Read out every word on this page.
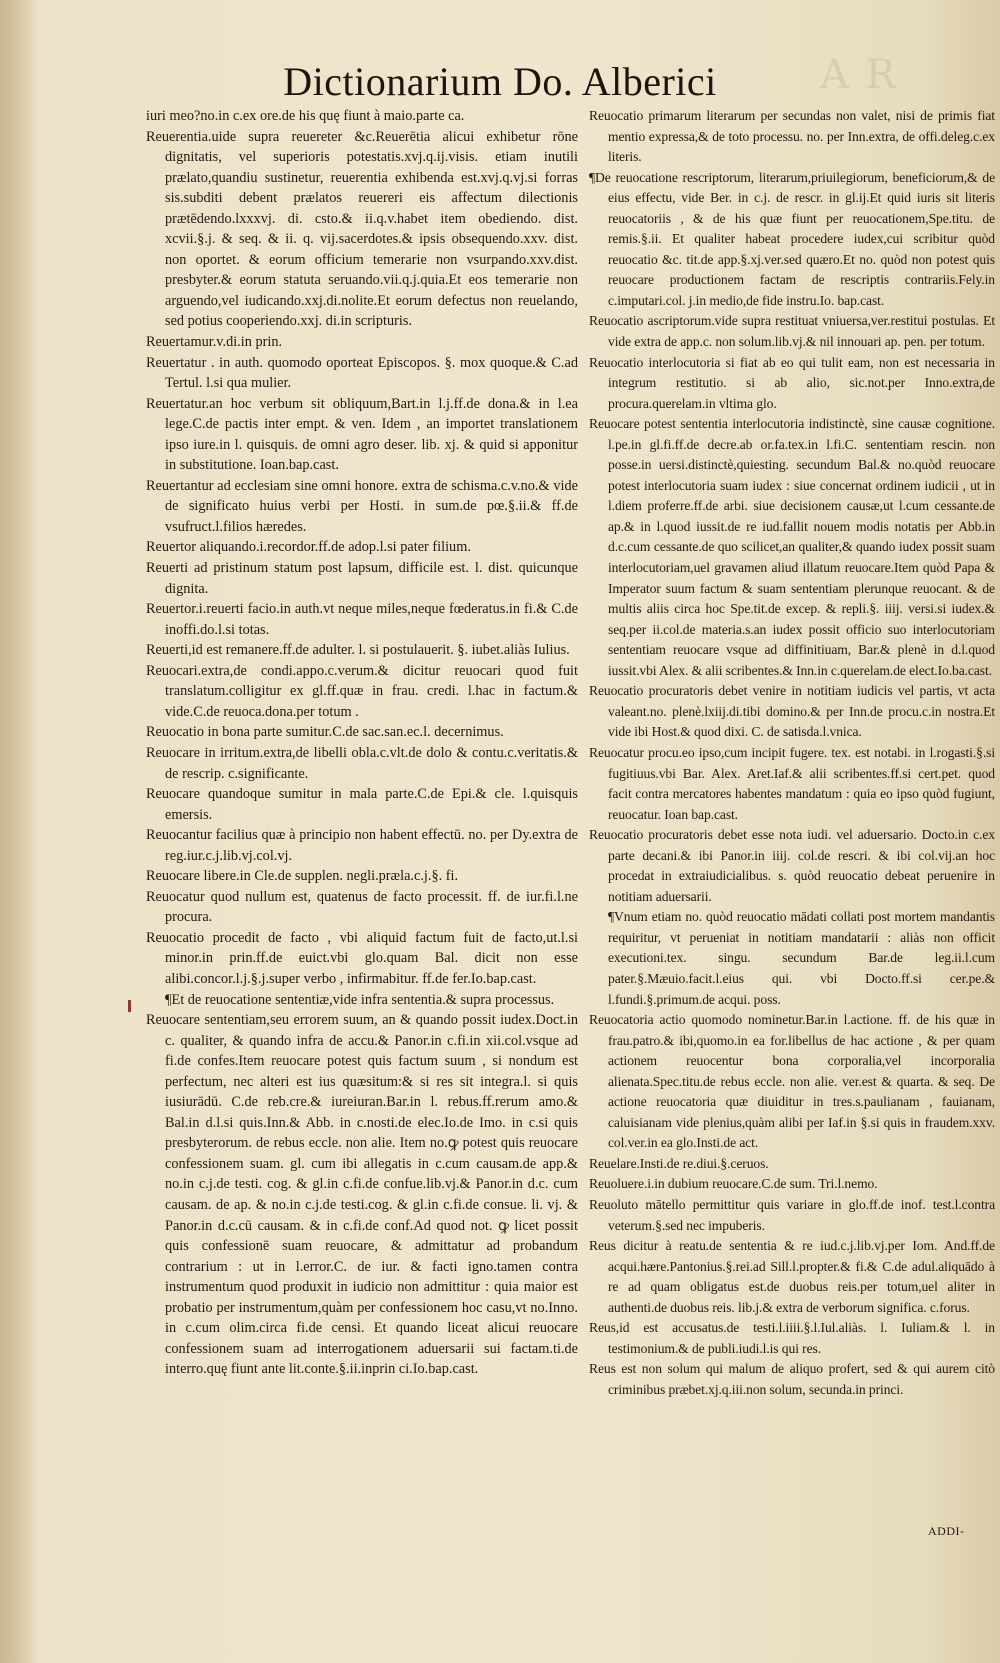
A R
Dictionarium Do. Alberici

iuri meo?no.in c.ex ore.de his quę fiunt à maio.parte ca.

Reuerentia.uide supra reuereter &c.Reuerētia alicui exhibetur rōne dignitatis, vel superioris potestatis.xvj.q.ij.visis. etiam inutili prælato,quandiu sustinetur, reuerentia exhibenda est.xvj.q.vj.si forras sis.subditi debent prælatos reuereri eis affectum dilectionis prætēdendo.lxxxvj. di. csto.& ii.q.v.habet item obediendo. dist. xcvii.§.j. & seq. & ii. q. vij.sacerdotes.& ipsis obsequendo.xxv. dist. non oportet. & eorum officium temerarie non vsurpando.xxv.dist. presbyter.& eorum statuta seruando.vii.q.j.quia.Et eos temerarie non arguendo,vel iudicando.xxj.di.nolite.Et eorum defectus non reuelando, sed potius cooperiendo.xxj. di.in scripturis.

Reuertamur.v.di.in prin.

Reuertatur . in auth. quomodo oporteat Episcopos. §. mox quoque.& C.ad Tertul. l.si qua mulier.

Reuertatur.an hoc verbum sit obliquum,Bart.in l.j.ff.de dona.& in l.ea lege.C.de pactis inter empt. & ven. Idem , an importet translationem ipso iure.in l. quisquis. de omni agro deser. lib. xj. & quid si apponitur in substitutione. Ioan.bap.cast.

Reuertantur ad ecclesiam sine omni honore. extra de schisma.c.v.no.& vide de significato huius verbi per Hosti. in sum.de pœ.§.ii.& ff.de vsufruct.l.filios hæredes.

Reuertor aliquando.i.recordor.ff.de adop.l.si pater filium.

Reuerti ad pristinum statum post lapsum, difficile est. l. dist. quicunque dignita.

Reuertor.i.reuerti facio.in auth.vt neque miles,neque fœderatus.in fi.& C.de inoffi.do.l.si totas.

Reuerti,id est remanere.ff.de adulter. l. si postulauerit. §. iubet.aliàs Iulius.

Reuocari.extra,de condi.appo.c.verum.& dicitur reuocari quod fuit translatum.colligitur ex gl.ff.quæ in frau. credi. l.hac in factum.& vide.C.de reuoca.dona.per totum .

Reuocatio in bona parte sumitur.C.de sac.san.ec.l. decernimus.

Reuocare in irritum.extra,de libelli obla.c.vlt.de dolo & contu.c.veritatis.& de rescrip. c.significante.

Reuocare quandoque sumitur in mala parte.C.de Epi.& cle. l.quisquis emersis.

Reuocantur facilius quæ à principio non habent effectū. no. per Dy.extra de reg.iur.c.j.lib.vj.col.vj.

Reuocare libere.in Cle.de supplen. negli.præla.c.j.§. fi.

Reuocatur quod nullum est, quatenus de facto processit. ff. de iur.fi.l.ne procura.

Reuocatio procedit de facto , vbi aliquid factum fuit de facto,ut.l.si minor.in prin.ff.de euict.vbi glo.quam Bal. dicit non esse alibi.concor.l.j.§.j.super verbo , infirmabitur. ff.de fer.Io.bap.cast.

¶Et de reuocatione sententiæ,vide infra sententia.& supra processus.

Reuocare sententiam,seu errorem suum, an & quando possit iudex.Doct.in c. qualiter, & quando infra de accu.& Panor.in c.fi.in xii.col.vsque ad fi.de confes.Item reuocare potest quis factum suum , si nondum est perfectum, nec alteri est ius quæsitum:& si res sit integra.l. si quis iusiurādū. C.de reb.cre.& iureiuran.Bar.in l. rebus.ff.rerum amo.& Bal.in d.l.si quis.Inn.& Abb. in c.nosti.de elec.Io.de Imo. in c.si quis presbyterorum. de rebus eccle. non alie. Item no.ꝙ potest quis reuocare confessionem suam. gl. cum ibi allegatis in c.cum causam.de app.& no.in c.j.de testi. cog. & gl.in c.fi.de confue.lib.vj.& Panor.in d.c. cum causam. de ap. & no.in c.j.de testi.cog. & gl.in c.fi.de consue. li. vj. & Panor.in d.c.cū causam. & in c.fi.de conf.Ad quod not. ꝙ licet possit quis confessionē suam reuocare, & admittatur ad probandum contrarium : ut in l.error.C. de iur. & facti igno.tamen contra instrumentum quod produxit in iudicio non admittitur : quia maior est probatio per instrumentum,quàm per confessionem hoc casu,vt no.Inno. in c.cum olim.circa fi.de censi. Et quando liceat alicui reuocare confessionem suam ad interrogationem aduersarii sui factam.ti.de interro.quę fiunt ante lit.conte.§.ii.inprin ci.Io.bap.cast.

Reuocatio primarum literarum per secundas non valet, nisi de primis fiat mentio expressa,& de toto processu. no. per Inn.extra, de offi.deleg.c.ex literis.

¶De reuocatione rescriptorum, literarum,priuilegiorum, beneficiorum,& de eius effectu, vide Ber. in c.j. de rescr. in gl.ij.Et quid iuris sit literis reuocatoriis , & de his quæ fiunt per reuocationem,Spe.titu. de remis.§.ii. Et qualiter habeat procedere iudex,cui scribitur quòd reuocatio &c. tit.de app.§.xj.ver.sed quæro.Et no. quòd non potest quis reuocare productionem factam de rescriptis contrariis.Fely.in c.imputari.col. j.in medio,de fide instru.Io. bap.cast.

Reuocatio ascriptorum.vide supra restituat vniuersa,ver.restitui postulas. Et vide extra de app.c. non solum.lib.vj.& nil innouari ap. pen. per totum.

Reuocatio interlocutoria si fiat ab eo qui tulit eam, non est necessaria in integrum restitutio. si ab alio, sic.not.per Inno.extra,de procura.querelam.in vltima glo.

Reuocare potest sententia interlocutoria indistinctè, sine causæ cognitione. l.pe.in gl.fi.ff.de decre.ab or.fa.tex.in l.fi.C. sententiam rescin. non posse.in uersi.distinctè,quiesting. secundum Bal.& no.quòd reuocare potest interlocutoria suam iudex : siue concernat ordinem iudicii , ut in l.diem proferre.ff.de arbi. siue decisionem causæ,ut l.cum cessante.de ap.& in l.quod iussit.de re iud.fallit nouem modis notatis per Abb.in d.c.cum cessante.de quo scilicet,an qualiter,& quando iudex possit suam interlocutoriam,uel gravamen aliud illatum reuocare.Item quòd Papa & Imperator suum factum & suam sententiam plerunque reuocant. & de multis aliis circa hoc Spe.tit.de excep. & repli.§. iiij. versi.si iudex.& seq.per ii.col.de materia.s.an iudex possit officio suo interlocutoriam sententiam reuocare vsque ad diffinitiuam, Bar.& plenè in d.l.quod iussit.vbi Alex. & alii scribentes.& Inn.in c.querelam.de elect.Io.ba.cast.

Reuocatio procuratoris debet venire in notitiam iudicis vel partis, vt acta valeant.no. plenè.lxiij.di.tibi domino.& per Inn.de procu.c.in nostra.Et vide ibi Host.& quod dixi. C. de satisda.l.vnica.

Reuocatur procu.eo ipso,cum incipit fugere. tex. est notabi. in l.rogasti.§.si fugitiuus.vbi Bar. Alex. Aret.Iaf.& alii scribentes.ff.si cert.pet. quod facit contra mercatores habentes mandatum : quia eo ipso quòd fugiunt, reuocatur. Ioan bap.cast.

Reuocatio procuratoris debet esse nota iudi. vel aduersario. Docto.in c.ex parte decani.& ibi Panor.in iiij. col.de rescri. & ibi col.vij.an hoc procedat in extraiudicialibus. s. quòd reuocatio debeat peruenire in notitiam aduersarii.

¶Vnum etiam no. quòd reuocatio mādati collati post mortem mandantis requiritur, vt perueniat in notitiam mandatarii : aliàs non officit executioni.tex. singu. secundum Bar.de leg.ii.l.cum pater.§.Mæuio.facit.l.eius qui. vbi Docto.ff.si cer.pe.& l.fundi.§.primum.de acqui. poss.

Reuocatoria actio quomodo nominetur.Bar.in l.actione. ff. de his quæ in frau.patro.& ibi,quomo.in ea for.libellus de hac actione , & per quam actionem reuocentur bona corporalia,vel incorporalia alienata.Spec.titu.de rebus eccle. non alie. ver.est & quarta. & seq. De actione reuocatoria quæ diuiditur in tres.s.paulianam , fauianam, caluisianam vide plenius,quàm alibi per Iaf.in §.si quis in fraudem.xxv. col.ver.in ea glo.Insti.de act.

Reuelare.Insti.de re.diui.§.ceruos.

Reuoluere.i.in dubium reuocare.C.de sum. Tri.l.nemo.

Reuoluto mātello permittitur quis variare in glo.ff.de inof. test.l.contra veterum.§.sed nec impuberis.

Reus dicitur à reatu.de sententia & re iud.c.j.lib.vj.per Iom. And.ff.de acqui.hære.Pantonius.§.rei.ad Sill.l.propter.& fi.& C.de adul.aliquādo à re ad quam obligatus est.de duobus reis.per totum,uel aliter in authenti.de duobus reis. lib.j.& extra de verborum significa. c.forus.

Reus,id est accusatus.de testi.l.iiii.§.l.Iul.aliàs. l. Iuliam.& l. in testimonium.& de publi.iudi.l.is qui res.

Reus est non solum qui malum de aliquo profert, sed & qui aurem citò criminibus præbet.xj.q.iii.non solum, secunda.in princi.

ADDI-
